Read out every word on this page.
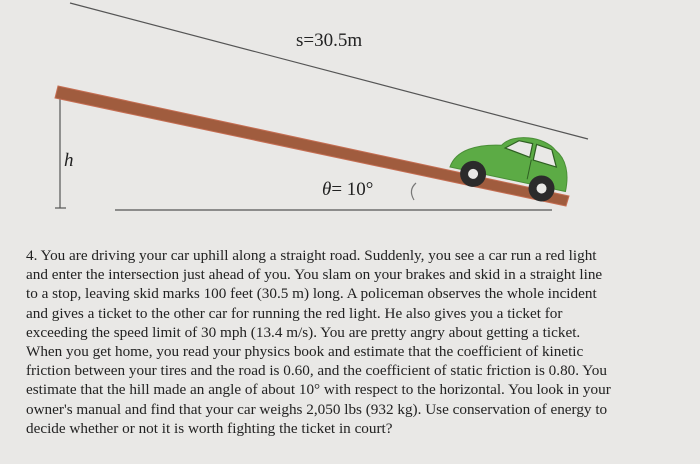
s=30.5m
h
θ= 10°
4. You are driving your car uphill along a straight road. Suddenly, you see a car run a red light
and enter the intersection just ahead of you. You slam on your brakes and skid in a straight line
to a stop, leaving skid marks 100 feet (30.5 m) long. A policeman observes the whole incident
and gives a ticket to the other car for running the red light. He also gives you a ticket for
exceeding the speed limit of 30 mph (13.4 m/s). You are pretty angry about getting a ticket.
When you get home, you read your physics book and estimate that the coefficient of kinetic
friction between your tires and the road is 0.60, and the coefficient of static friction is 0.80. You
estimate that the hill made an angle of about 10° with respect to the horizontal. You look in your
owner's manual and find that your car weighs 2,050 lbs (932 kg). Use conservation of energy to
decide whether or not it is worth fighting the ticket in court?
